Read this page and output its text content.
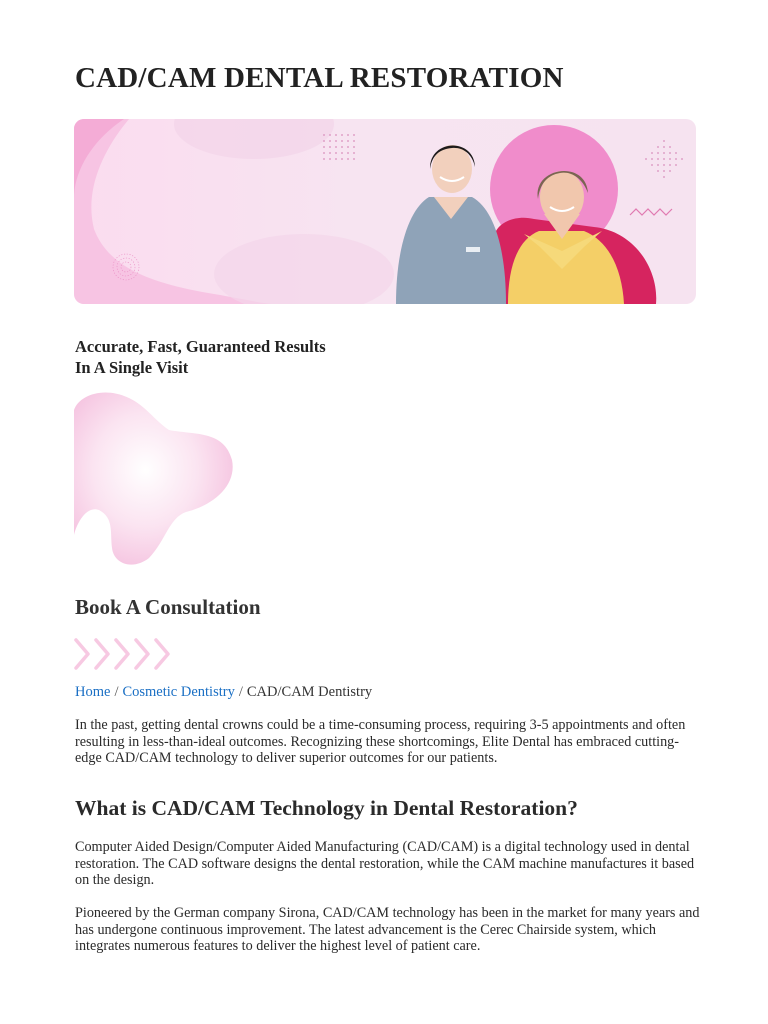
CAD/CAM DENTAL RESTORATION

Accurate, Fast, Guaranteed Results
In A Single Visit

Book A Consultation
Home / Cosmetic Dentistry / CAD/CAM Dentistry

In the past, getting dental crowns could be a time-consuming process, requiring 3-5 appointments and often resulting in less-than-ideal outcomes. Recognizing these shortcomings, Elite Dental has embraced cutting-edge CAD/CAM technology to deliver superior outcomes for our patients.

What is CAD/CAM Technology in Dental Restoration?

Computer Aided Design/Computer Aided Manufacturing (CAD/CAM) is a digital technology used in dental restoration. The CAD software designs the dental restoration, while the CAM machine manufactures it based on the design.

Pioneered by the German company Sirona, CAD/CAM technology has been in the market for many years and has undergone continuous improvement. The latest advancement is the Cerec Chairside system, which integrates numerous features to deliver the highest level of patient care.
